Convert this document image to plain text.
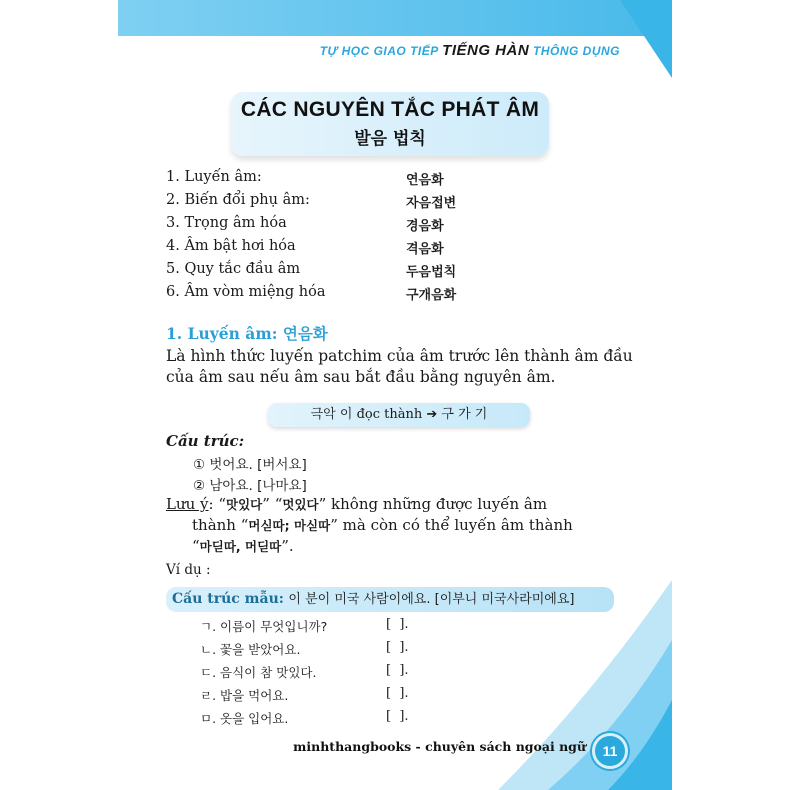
TỰ HỌC GIAO TIẾP TIẾNG HÀN THÔNG DỤNG
CÁC NGUYÊN TẮC PHÁT ÂM
발음 법칙
1. Luyến âm:	연음화
2. Biến đổi phụ âm:	자음접변
3. Trọng âm hóa	경음화
4. Âm bật hơi hóa	격음화
5. Quy tắc đầu âm	두음법칙
6. Âm vòm miệng hóa	구개음화
1. Luyến âm: 연음화
Là hình thức luyến patchim của âm trước lên thành âm đầu của âm sau nếu âm sau bắt đầu bằng nguyên âm.
극악 이 đọc thành ➔ 구 가 기
Cấu trúc:
① 벗어요. [버서요]
② 남아요. [나마요]
Lưu ý: “맛있다” “멋있다” không những được luyến âm
thành “머싣따; 마싣따” mà còn có thể luyến âm thành
“마딛따, 머딛따”.
Ví dụ :
Cấu trúc mẫu: 이 분이 미국 사람이에요. [이부니 미국사라미에요]
ㄱ. 이름이 무엇입니까?	[  ].
ㄴ. 꽃을 받았어요.	[  ].
ㄷ. 음식이 참 맛있다.	[  ].
ㄹ. 밥을 먹어요.	[  ].
ㅁ. 옷을 입어요.	[  ].
minhthangbooks - chuyên sách ngoại ngữ	11
